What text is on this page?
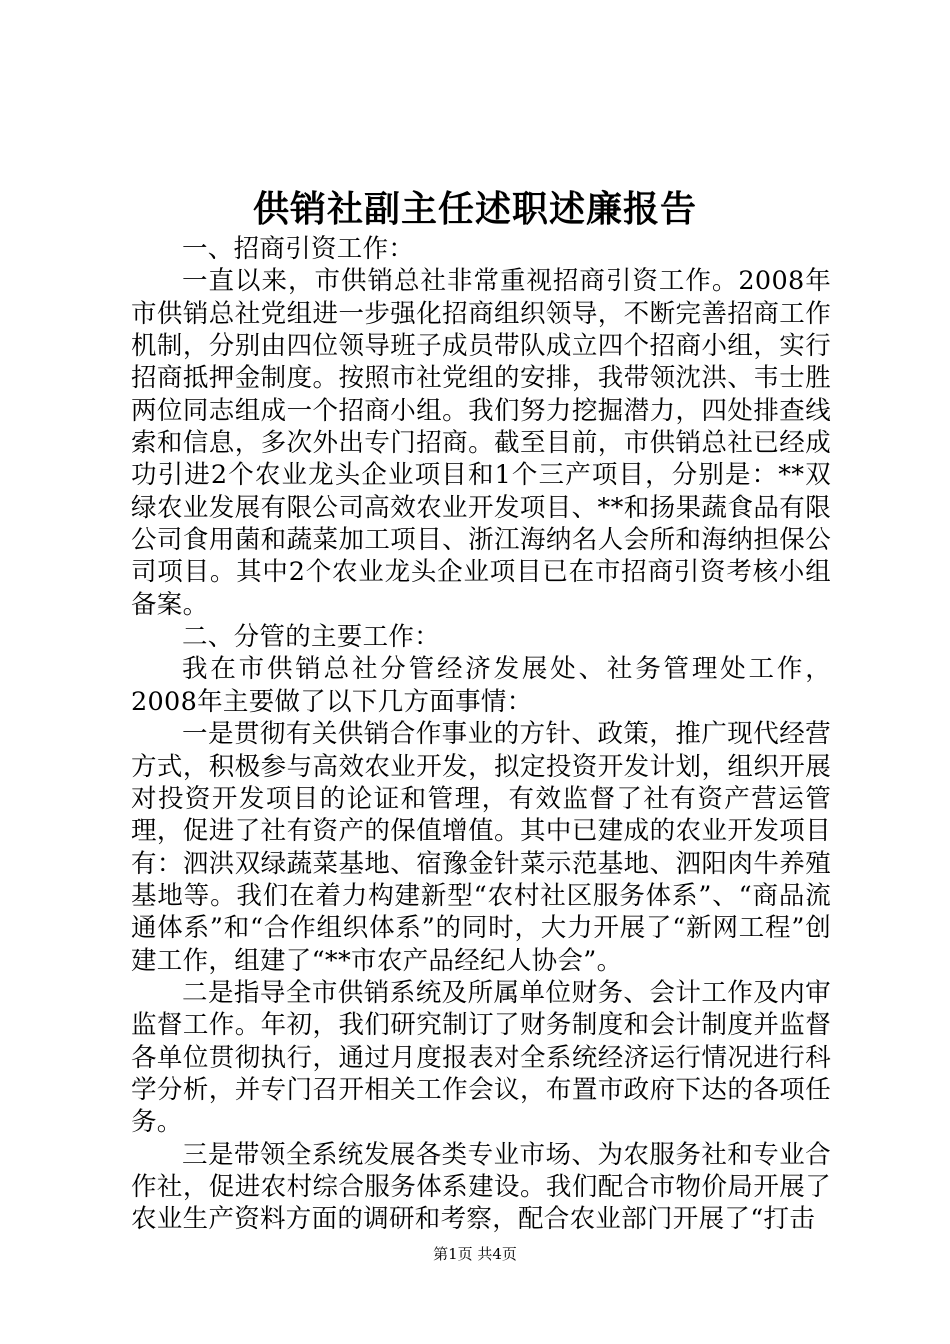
供销社副主任述职述廉报告

一、招商引资工作：

一直以来，市供销总社非常重视招商引资工作。2008年市供销总社党组进一步强化招商组织领导，不断完善招商工作机制，分别由四位领导班子成员带队成立四个招商小组，实行招商抵押金制度。按照市社党组的安排，我带领沈洪、韦士胜两位同志组成一个招商小组。我们努力挖掘潜力，四处排查线索和信息，多次外出专门招商。截至目前，市供销总社已经成功引进2个农业龙头企业项目和1个三产项目，分别是：**双绿农业发展有限公司高效农业开发项目、**和扬果蔬食品有限公司食用菌和蔬菜加工项目、浙江海纳名人会所和海纳担保公司项目。其中2个农业龙头企业项目已在市招商引资考核小组备案。

二、分管的主要工作：

我在市供销总社分管经济发展处、社务管理处工作，2008年主要做了以下几方面事情：

一是贯彻有关供销合作事业的方针、政策，推广现代经营方式，积极参与高效农业开发，拟定投资开发计划，组织开展对投资开发项目的论证和管理，有效监督了社有资产营运管理，促进了社有资产的保值增值。其中已建成的农业开发项目有：泗洪双绿蔬菜基地、宿豫金针菜示范基地、泗阳肉牛养殖基地等。我们在着力构建新型“农村社区服务体系”、“商品流通体系”和“合作组织体系”的同时，大力开展了“新网工程”创建工作，组建了“**市农产品经纪人协会”。

二是指导全市供销系统及所属单位财务、会计工作及内审监督工作。年初，我们研究制订了财务制度和会计制度并监督各单位贯彻执行，通过月度报表对全系统经济运行情况进行科学分析，并专门召开相关工作会议，布置市政府下达的各项任务。

三是带领全系统发展各类专业市场、为农服务社和专业合作社，促进农村综合服务体系建设。我们配合市物价局开展了农业生产资料方面的调研和考察，配合农业部门开展了“打击

第1页 共4页
